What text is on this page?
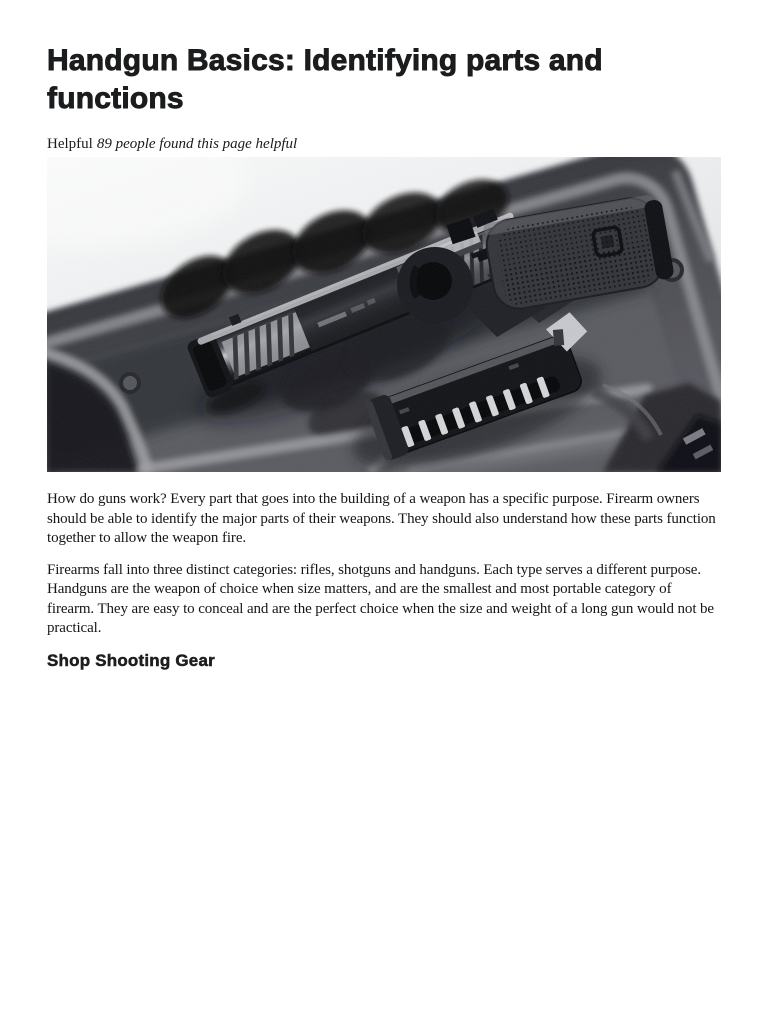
Handgun Basics: Identifying parts and functions

Helpful 89 people found this page helpful

How do guns work? Every part that goes into the building of a weapon has a specific purpose. Firearm owners should be able to identify the major parts of their weapons. They should also understand how these parts function together to allow the weapon fire.

Firearms fall into three distinct categories: rifles, shotguns and handguns. Each type serves a different purpose. Handguns are the weapon of choice when size matters, and are the smallest and most portable category of firearm. They are easy to conceal and are the perfect choice when the size and weight of a long gun would not be practical.

Shop Shooting Gear
